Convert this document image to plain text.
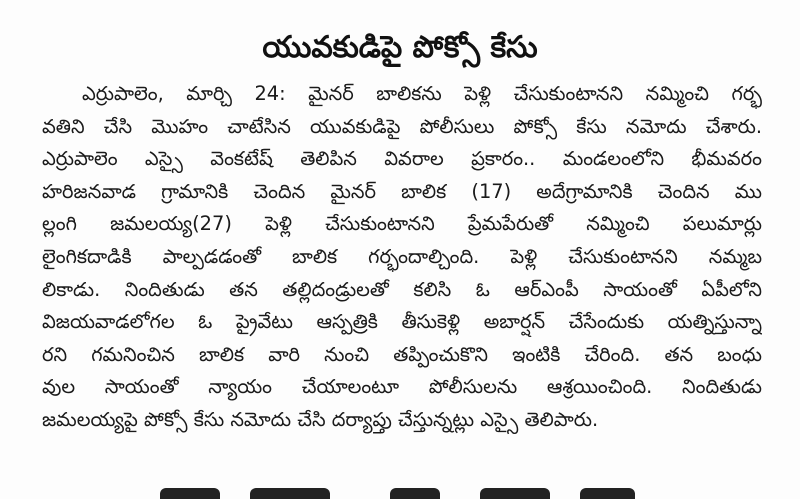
యువకుడిపై పోక్సో కేసు
ఎర్రుపాలెం, మార్చి 24: మైనర్ బాలికను పెళ్లి చేసుకుంటానని నమ్మించి గర్భ
వతిని చేసి మొహం చాటేసిన యువకుడిపై పోలీసులు పోక్సో కేసు నమోదు చేశారు.
ఎర్రుపాలెం ఎస్సై వెంకటేష్ తెలిపిన వివరాల ప్రకారం.. మండలంలోని భీమవరం
హరిజనవాడ గ్రామానికి చెందిన మైనర్ బాలిక (17) అదేగ్రామానికి చెందిన ము
ల్లంగి జమలయ్య(27) పెళ్లి చేసుకుంటానని ప్రేమపేరుతో నమ్మించి పలుమార్లు
లైంగికదాడికి పాల్పడడంతో బాలిక గర్భందాల్చింది. పెళ్లి చేసుకుంటానని నమ్మబ
లికాడు. నిందితుడు తన తల్లిదండ్రులతో కలిసి ఓ ఆర్ఎంపీ సాయంతో ఏపీలోని
విజయవాడలోగల ఓ ప్రైవేటు ఆస్పత్రికి తీసుకెళ్లి అబార్షన్ చేసేందుకు యత్నిస్తున్నా
రని గమనించిన బాలిక వారి నుంచి తప్పించుకొని ఇంటికి చేరింది. తన బంధు
వుల సాయంతో న్యాయం చేయాలంటూ పోలీసులను ఆశ్రయించింది. నిందితుడు
జమలయ్యపై పోక్సో కేసు నమోదు చేసి దర్యాప్తు చేస్తున్నట్లు ఎస్సై తెలిపారు.
